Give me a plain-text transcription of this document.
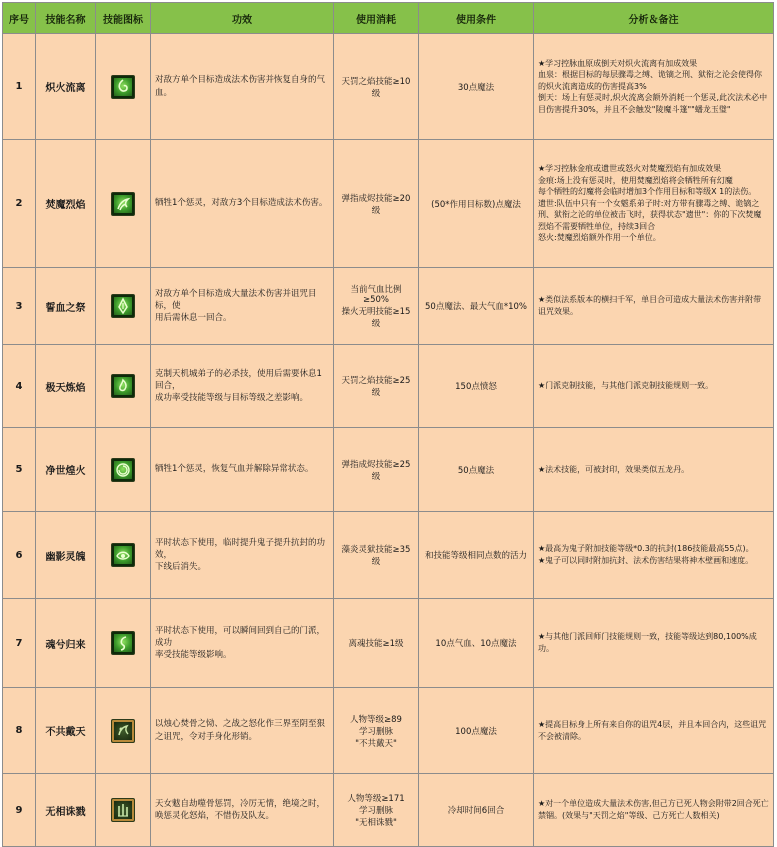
序号	技能名称	技能图标	功效	使用消耗	使用条件	分析＆备注
1	炽火流离		对敌方单个目标造成法术伤害并恢复自身的气血。	天罚之焰技能≥10级	30点魔法	★学习控脉血原成倒天对炽火流离有加成效果
血泉：根据目标的每层骤毒之缚、诡镝之刑、狱衔之沦会使得你的炽火流离造成的伤害提高3%
倒天：场上有惩灵时,炽火流离会额外消耗一个惩灵,此次法术必中目伤害提升30%，并且不会触发"陵魔斗篷""蟠龙玉璧"

2	焚魔烈焰		牺牲1个惩灵，对敌方3个目标造成法术伤害。	弹指成烬技能≥20级	(50*作用目标数)点魔法	★学习控脉金痕或遗世或怒火对焚魔烈焰有加成效果
金痕:场上没有惩灵时，使用焚魔烈焰将会牺牲所有幻魔
每个牺牲的幻魔将会临时增加3个作用目标和等级X 1的法伤。
遗世:队伍中只有一个女魃系弟子时:对方带有骤毒之缚、诡镝之刑、狱衔之沦的单位被击飞时，获得状态"遗世"：你的下次焚魔烈焰不需要牺牲单位，持续3回合
怒火:焚魔烈焰额外作用一个单位。

3	誓血之祭		对敌方单个目标造成大量法术伤害并诅咒目标，使
用后需休息一回合。	当前气血比例≥50%
操火无明技能≥15级	50点魔法、最大气血*10%	★类似法系版本的横扫千军，单目合可造成大量法术伤害并附带诅咒效果。

4	极天炼焰		克制天机城弟子的必杀技，使用后需要休息1回合，
成功率受技能等级与目标等级之差影响。	天罚之焰技能≥25级	150点愤怒	★门派克制技能，与其他门派克制技能规则一致。

5	净世煌火		牺牲1个惩灵，恢复气血并解除异常状态。	弹指成烬技能≥25级	50点魔法	★法术技能，可被封印，效果类似五龙丹。

6	幽影灵魄		平时状态下使用，临时提升鬼子提升抗封的功效，
下线后消失。	藻炎灵狱技能≥35级	和技能等级相同点数的活力	★最高为鬼子附加技能等级*0.3的抗封(186技能最高55点)。
★鬼子可以同时附加抗封、法术伤害结果将神木壁画和速度。

7	魂兮归来		平时状态下使用，可以瞬间回到自己的门派，成功
率受技能等级影响。	离魂技能≥1级	10点气血、10点魔法	★与其他门派回师门技能规则一致，技能等级达到80,100%成功。

8	不共戴天		以烛心焚骨之恸、之战之怒化作三界至阴至狠之诅咒，令对手身化形销。	人物等级≥89
学习删脉
"不共戴天"	100点魔法	★提高目标身上所有来自你的诅咒4层，并且本回合内，这些诅咒不会被清除。

9	无相诛戮		天女魃自劫噬骨惩罚，冷厉无情，绝境之时，唤惩灵化怒焰，不惜伤及队友。	人物等级≥171
学习删脉
"无相诛戮"	冷却时间6回合	★对一个单位造成大量法术伤害,但己方已死人物会附带2回合死亡禁锢。(效果与"天罚之焰"等级、己方死亡人数相关)
